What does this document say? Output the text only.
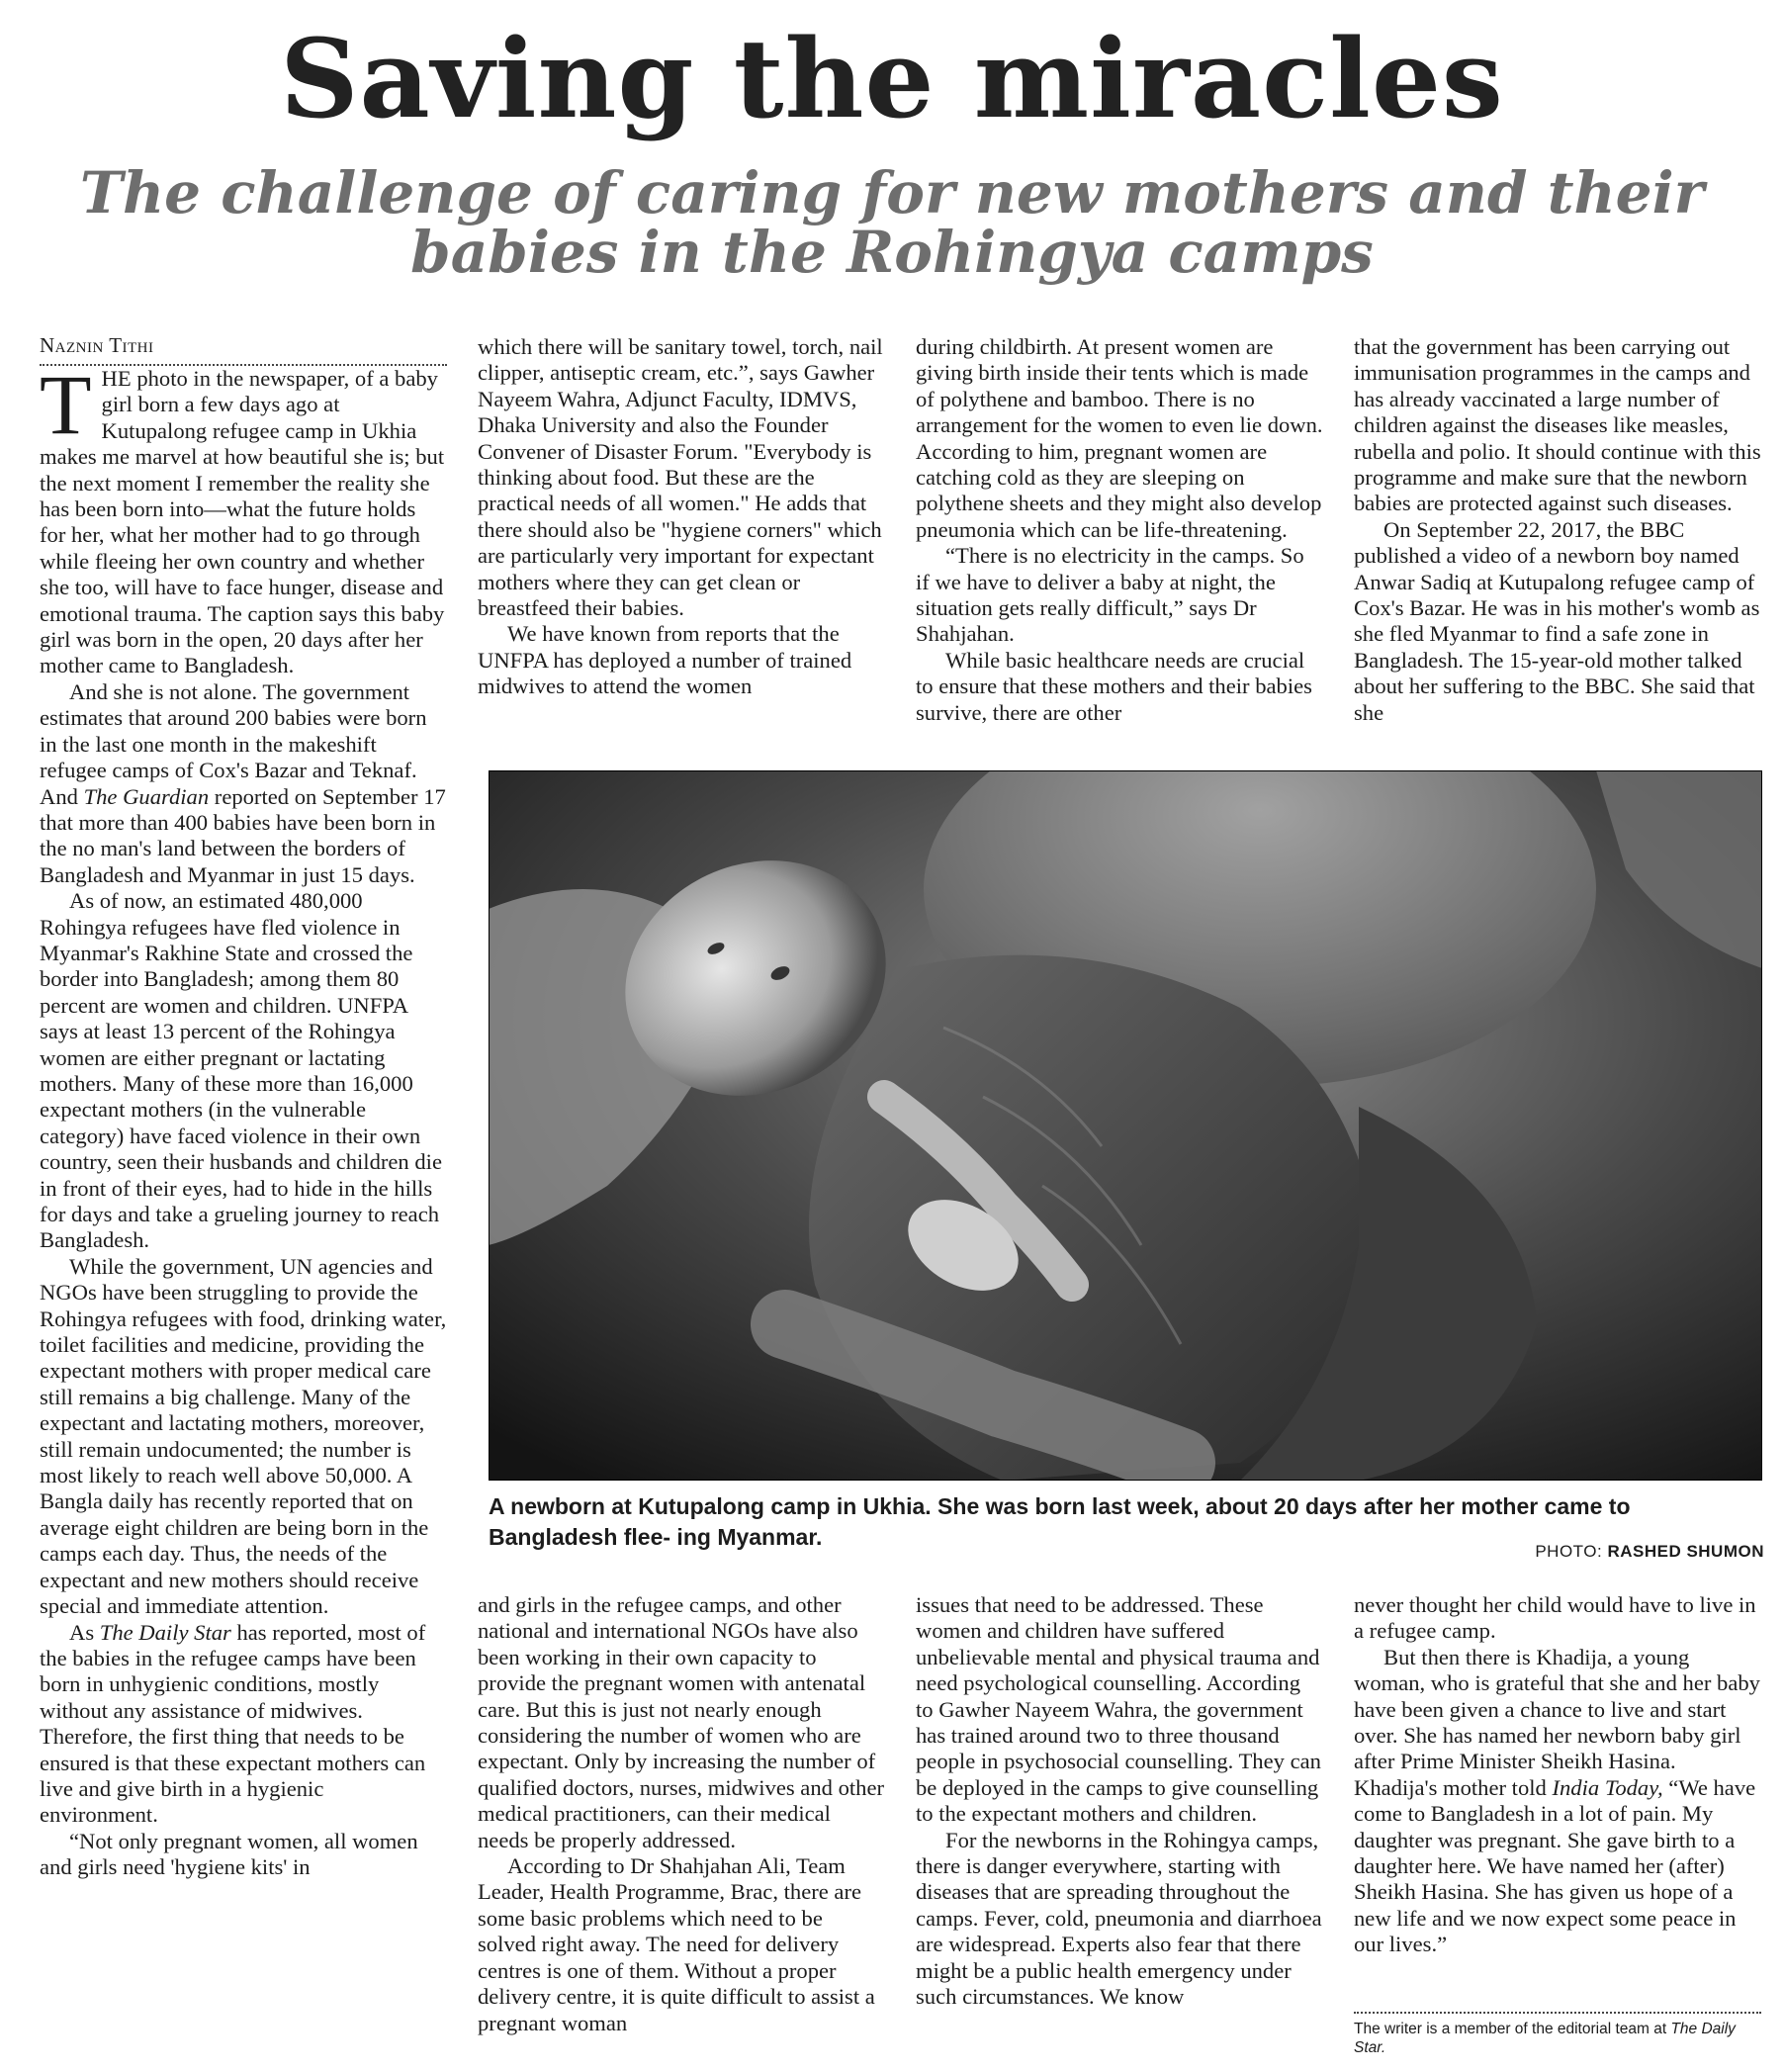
Saving the miracles
The challenge of caring for new mothers and their babies in the Rohingya camps
Naznin Tithi

THE photo in the newspaper, of a baby girl born a few days ago at Kutupalong refugee camp in Ukhia makes me marvel at how beautiful she is; but the next moment I remember the reality she has been born into—what the future holds for her, what her mother had to go through while fleeing her own country and whether she too, will have to face hunger, disease and emotional trauma. The caption says this baby girl was born in the open, 20 days after her mother came to Bangladesh.

And she is not alone. The government estimates that around 200 babies were born in the last one month in the makeshift refugee camps of Cox's Bazar and Teknaf. And The Guardian reported on September 17 that more than 400 babies have been born in the no man's land between the borders of Bangladesh and Myanmar in just 15 days.

As of now, an estimated 480,000 Rohingya refugees have fled violence in Myanmar's Rakhine State and crossed the border into Bangladesh; among them 80 percent are women and children. UNFPA says at least 13 percent of the Rohingya women are either pregnant or lactating mothers. Many of these more than 16,000 expectant mothers (in the vulnerable category) have faced violence in their own country, seen their husbands and children die in front of their eyes, had to hide in the hills for days and take a grueling journey to reach Bangladesh.

While the government, UN agencies and NGOs have been struggling to provide the Rohingya refugees with food, drinking water, toilet facilities and medicine, providing the expectant mothers with proper medical care still remains a big challenge. Many of the expectant and lactating mothers, moreover, still remain undocumented; the number is most likely to reach well above 50,000. A Bangla daily has recently reported that on average eight children are being born in the camps each day. Thus, the needs of the expectant and new mothers should receive special and immediate attention.

As The Daily Star has reported, most of the babies in the refugee camps have been born in unhygienic conditions, mostly without any assistance of midwives. Therefore, the first thing that needs to be ensured is that these expectant mothers can live and give birth in a hygienic environment.

“Not only pregnant women, all women and girls need 'hygiene kits' in

which there will be sanitary towel, torch, nail clipper, antiseptic cream, etc.”, says Gawher Nayeem Wahra, Adjunct Faculty, IDMVS, Dhaka University and also the Founder Convener of Disaster Forum. "Everybody is thinking about food. But these are the practical needs of all women." He adds that there should also be "hygiene corners" which are particularly very important for expectant mothers where they can get clean or breastfeed their babies.

We have known from reports that the UNFPA has deployed a number of trained midwives to attend the women

during childbirth. At present women are giving birth inside their tents which is made of polythene and bamboo. There is no arrangement for the women to even lie down. According to him, pregnant women are catching cold as they are sleeping on polythene sheets and they might also develop pneumonia which can be life-threatening.

“There is no electricity in the camps. So if we have to deliver a baby at night, the situation gets really difficult,” says Dr Shahjahan.

While basic healthcare needs are crucial to ensure that these mothers and their babies survive, there are other

that the government has been carrying out immunisation programmes in the camps and has already vaccinated a large number of children against the diseases like measles, rubella and polio. It should continue with this programme and make sure that the newborn babies are protected against such diseases.

On September 22, 2017, the BBC published a video of a newborn boy named Anwar Sadiq at Kutupalong refugee camp of Cox's Bazar. He was in his mother's womb as she fled Myanmar to find a safe zone in Bangladesh. The 15-year-old mother talked about her suffering to the BBC. She said that she

A newborn at Kutupalong camp in Ukhia. She was born last week, about 20 days after her mother came to Bangladesh flee- ing Myanmar.

PHOTO: RASHED SHUMON

and girls in the refugee camps, and other national and international NGOs have also been working in their own capacity to provide the pregnant women with antenatal care. But this is just not nearly enough considering the number of women who are expectant. Only by increasing the number of qualified doctors, nurses, midwives and other medical practitioners, can their medical needs be properly addressed.

According to Dr Shahjahan Ali, Team Leader, Health Programme, Brac, there are some basic problems which need to be solved right away. The need for delivery centres is one of them. Without a proper delivery centre, it is quite difficult to assist a pregnant woman

issues that need to be addressed. These women and children have suffered unbelievable mental and physical trauma and need psychological counselling. According to Gawher Nayeem Wahra, the government has trained around two to three thousand people in psychosocial counselling. They can be deployed in the camps to give counselling to the expectant mothers and children.

For the newborns in the Rohingya camps, there is danger everywhere, starting with diseases that are spreading throughout the camps. Fever, cold, pneumonia and diarrhoea are widespread. Experts also fear that there might be a public health emergency under such circumstances. We know

never thought her child would have to live in a refugee camp.

But then there is Khadija, a young woman, who is grateful that she and her baby have been given a chance to live and start over. She has named her newborn baby girl after Prime Minister Sheikh Hasina. Khadija's mother told India Today, “We have come to Bangladesh in a lot of pain. My daughter was pregnant. She gave birth to a daughter here. We have named her (after) Sheikh Hasina. She has given us hope of a new life and we now expect some peace in our lives.”

The writer is a member of the editorial team at The Daily Star.
